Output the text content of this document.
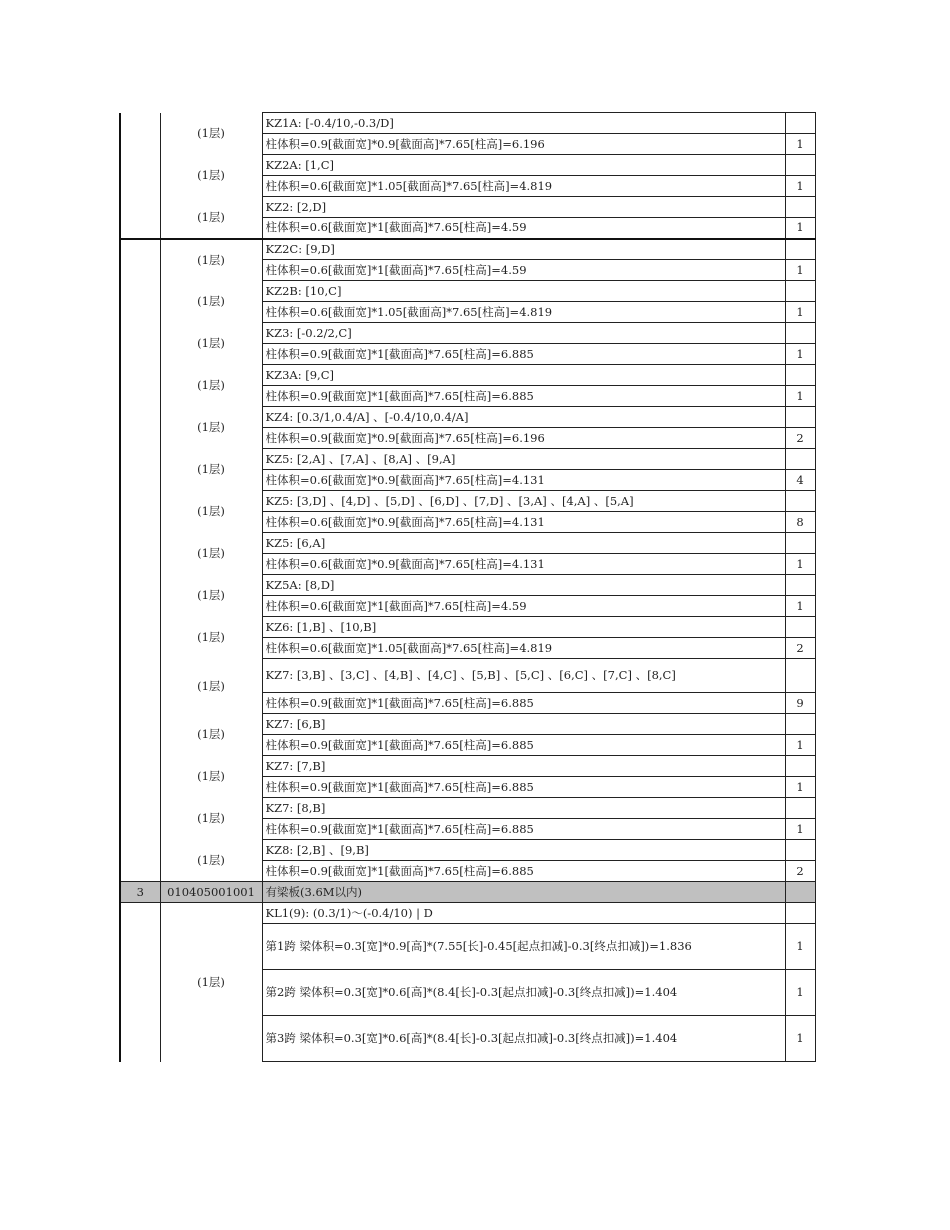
	(1层)	KZ1A: [-0.4/10,-0.3/D]	
		柱体积=0.9[截面宽]*0.9[截面高]*7.65[柱高]=6.196	1
	(1层)	KZ2A: [1,C]	
		柱体积=0.6[截面宽]*1.05[截面高]*7.65[柱高]=4.819	1
	(1层)	KZ2: [2,D]	
		柱体积=0.6[截面宽]*1[截面高]*7.65[柱高]=4.59	1
	(1层)	KZ2C: [9,D]	
		柱体积=0.6[截面宽]*1[截面高]*7.65[柱高]=4.59	1
	(1层)	KZ2B: [10,C]	
		柱体积=0.6[截面宽]*1.05[截面高]*7.65[柱高]=4.819	1
	(1层)	KZ3: [-0.2/2,C]	
		柱体积=0.9[截面宽]*1[截面高]*7.65[柱高]=6.885	1
	(1层)	KZ3A: [9,C]	
		柱体积=0.9[截面宽]*1[截面高]*7.65[柱高]=6.885	1
	(1层)	KZ4: [0.3/1,0.4/A] 、[-0.4/10,0.4/A]	
		柱体积=0.9[截面宽]*0.9[截面高]*7.65[柱高]=6.196	2
	(1层)	KZ5: [2,A] 、[7,A] 、[8,A] 、[9,A]	
		柱体积=0.6[截面宽]*0.9[截面高]*7.65[柱高]=4.131	4
	(1层)	KZ5: [3,D] 、[4,D] 、[5,D] 、[6,D] 、[7,D] 、[3,A] 、[4,A] 、[5,A]	
		柱体积=0.6[截面宽]*0.9[截面高]*7.65[柱高]=4.131	8
	(1层)	KZ5: [6,A]	
		柱体积=0.6[截面宽]*0.9[截面高]*7.65[柱高]=4.131	1
	(1层)	KZ5A: [8,D]	
		柱体积=0.6[截面宽]*1[截面高]*7.65[柱高]=4.59	1
	(1层)	KZ6: [1,B] 、[10,B]	
		柱体积=0.6[截面宽]*1.05[截面高]*7.65[柱高]=4.819	2
	(1层)	KZ7: [3,B] 、[3,C] 、[4,B] 、[4,C] 、[5,B] 、[5,C] 、[6,C] 、[7,C] 、[8,C]	
		柱体积=0.9[截面宽]*1[截面高]*7.65[柱高]=6.885	9
	(1层)	KZ7: [6,B]	
		柱体积=0.9[截面宽]*1[截面高]*7.65[柱高]=6.885	1
	(1层)	KZ7: [7,B]	
		柱体积=0.9[截面宽]*1[截面高]*7.65[柱高]=6.885	1
	(1层)	KZ7: [8,B]	
		柱体积=0.9[截面宽]*1[截面高]*7.65[柱高]=6.885	1
	(1层)	KZ8: [2,B] 、[9,B]	
		柱体积=0.9[截面宽]*1[截面高]*7.65[柱高]=6.885	2
3	010405001001	有梁板(3.6M以内)	
	(1层)	KL1(9): (0.3/1)～(-0.4/10) | D	
		第1跨 梁体积=0.3[宽]*0.9[高]*(7.55[长]-0.45[起点扣减]-0.3[终点扣减])=1.836	1
		第2跨 梁体积=0.3[宽]*0.6[高]*(8.4[长]-0.3[起点扣减]-0.3[终点扣减])=1.404	1
		第3跨 梁体积=0.3[宽]*0.6[高]*(8.4[长]-0.3[起点扣减]-0.3[终点扣减])=1.404	1
